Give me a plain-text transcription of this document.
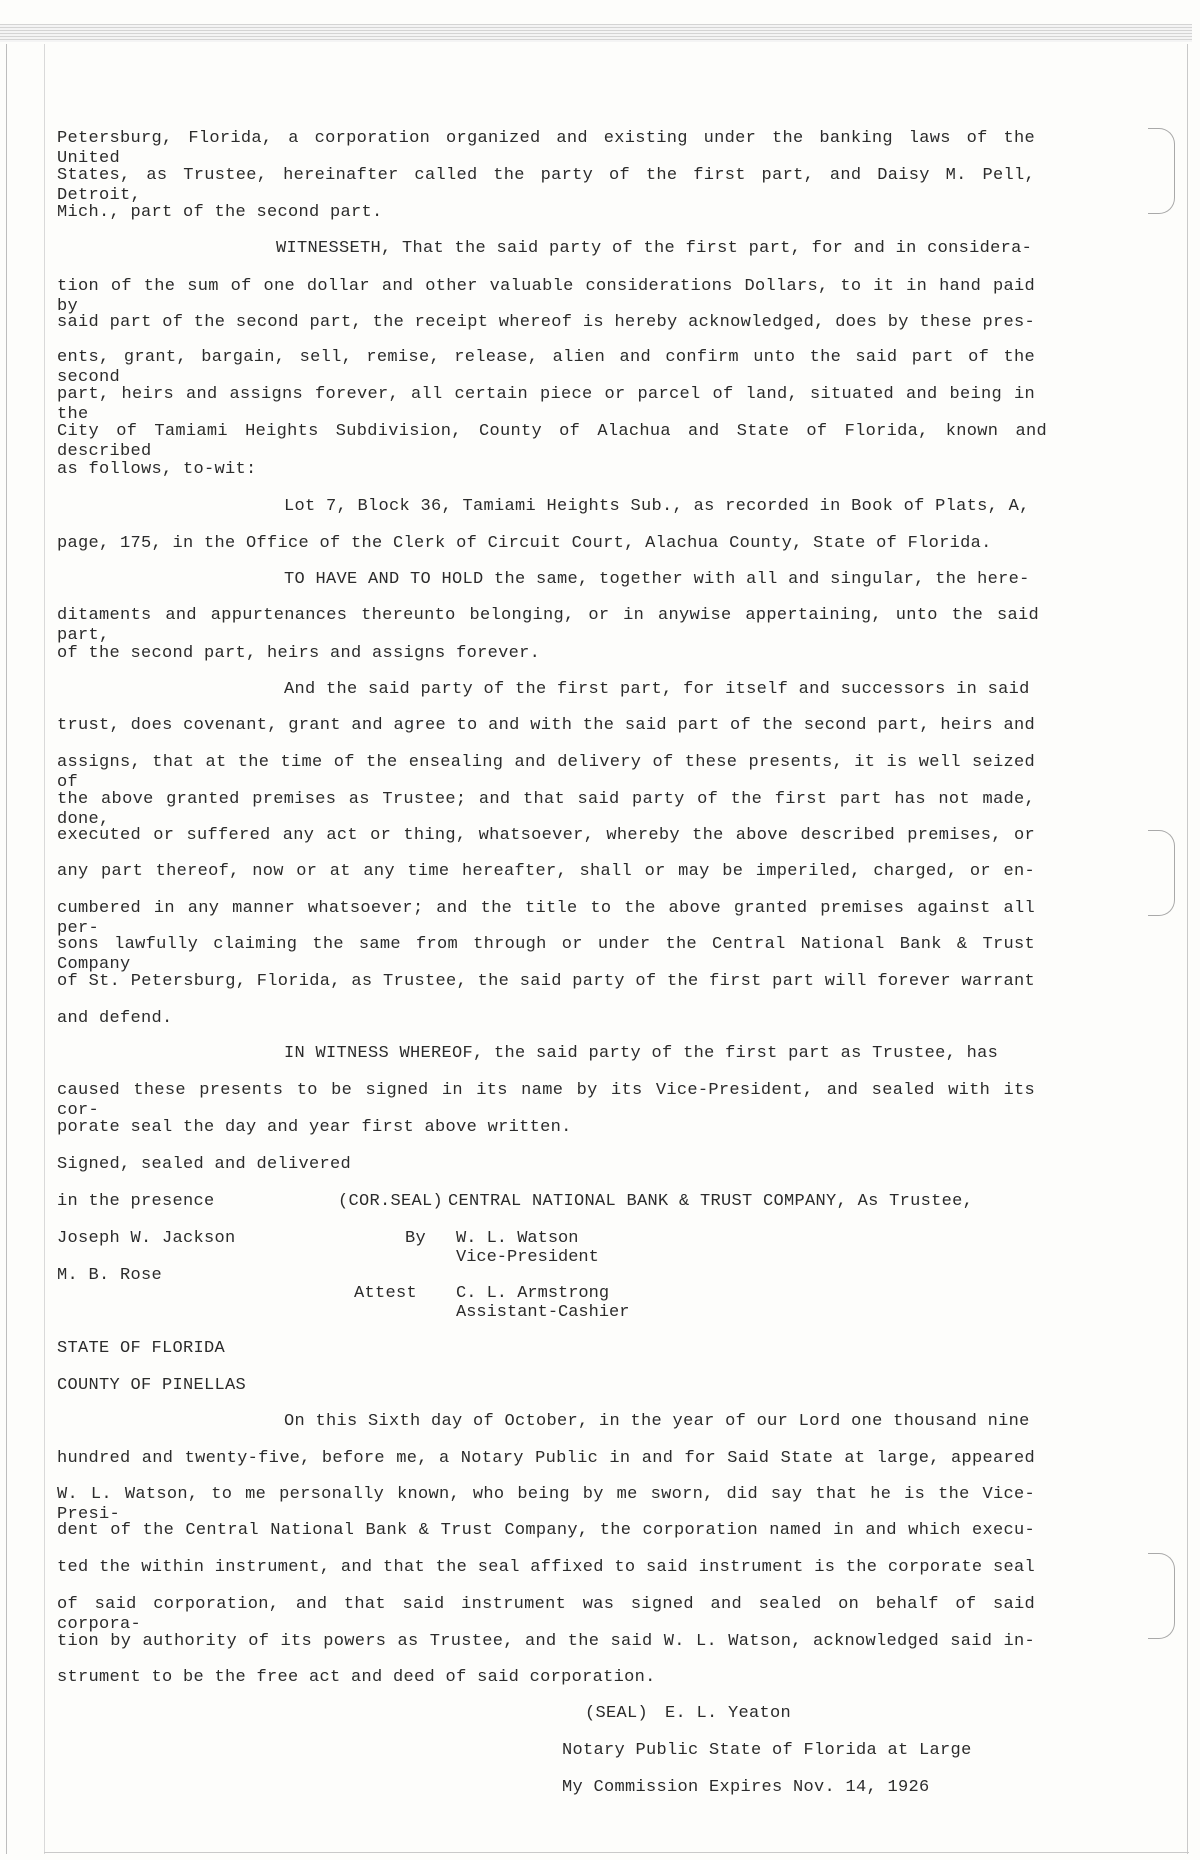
Petersburg, Florida, a corporation organized and existing under the banking laws of the United
States, as Trustee, hereinafter called the party of the first part, and Daisy M. Pell, Detroit,
Mich., part of the second part.
WITNESSETH, That the said party of the first part, for and in considera-
tion of the sum of one dollar and other valuable considerations Dollars, to it in hand paid by
said part of the second part, the receipt whereof is hereby acknowledged, does by these pres-
ents, grant, bargain, sell, remise, release, alien and confirm unto the said part of the second
part, heirs and assigns forever, all certain piece or parcel of land, situated and being in the
City of Tamiami Heights Subdivision, County of Alachua and State of Florida, known and described
as follows, to-wit:
Lot 7, Block 36, Tamiami Heights Sub., as recorded in Book of Plats, A,
page, 175, in the Office of the Clerk of Circuit Court, Alachua County, State of Florida.
TO HAVE AND TO HOLD the same, together with all and singular, the here-
ditaments and appurtenances thereunto belonging, or in anywise appertaining, unto the said part,
of the second part, heirs and assigns forever.
And the said party of the first part, for itself and successors in said
trust, does covenant, grant and agree to and with the said part of the second part, heirs and
assigns, that at the time of the ensealing and delivery of these presents, it is well seized of
the above granted premises as Trustee; and that said party of the first part has not made, done,
executed or suffered any act or thing, whatsoever, whereby the above described premises, or
any part thereof, now or at any time hereafter, shall or may be imperiled, charged, or en-
cumbered in any manner whatsoever; and the title to the above granted premises against all per-
sons lawfully claiming the same from through or under the Central National Bank & Trust Company
of St. Petersburg, Florida, as Trustee, the said party of the first part will forever warrant
and defend.
IN WITNESS WHEREOF, the said party of the first part as Trustee, has
caused these presents to be signed in its name by its Vice-President, and sealed with its cor-
porate seal the day and year first above written.
Signed, sealed and delivered
in the presence	(COR.SEAL) CENTRAL NATIONAL BANK & TRUST COMPANY, As Trustee,
Joseph W. Jackson	By W. L. Watson
Vice-President
M. B. Rose
Attest C. L. Armstrong
Assistant-Cashier
STATE OF FLORIDA
COUNTY OF PINELLAS
On this Sixth day of October, in the year of our Lord one thousand nine
hundred and twenty-five, before me, a Notary Public in and for Said State at large, appeared
W. L. Watson, to me personally known, who being by me sworn, did say that he is the Vice-Presi-
dent of the Central National Bank & Trust Company, the corporation named in and which execu-
ted the within instrument, and that the seal affixed to said instrument is the corporate seal
of said corporation, and that said instrument was signed and sealed on behalf of said corpora-
tion by authority of its powers as Trustee, and the said W. L. Watson, acknowledged said in-
strument to be the free act and deed of said corporation.
(SEAL) E. L. Yeaton
Notary Public State of Florida at Large
My Commission Expires Nov. 14, 1926
